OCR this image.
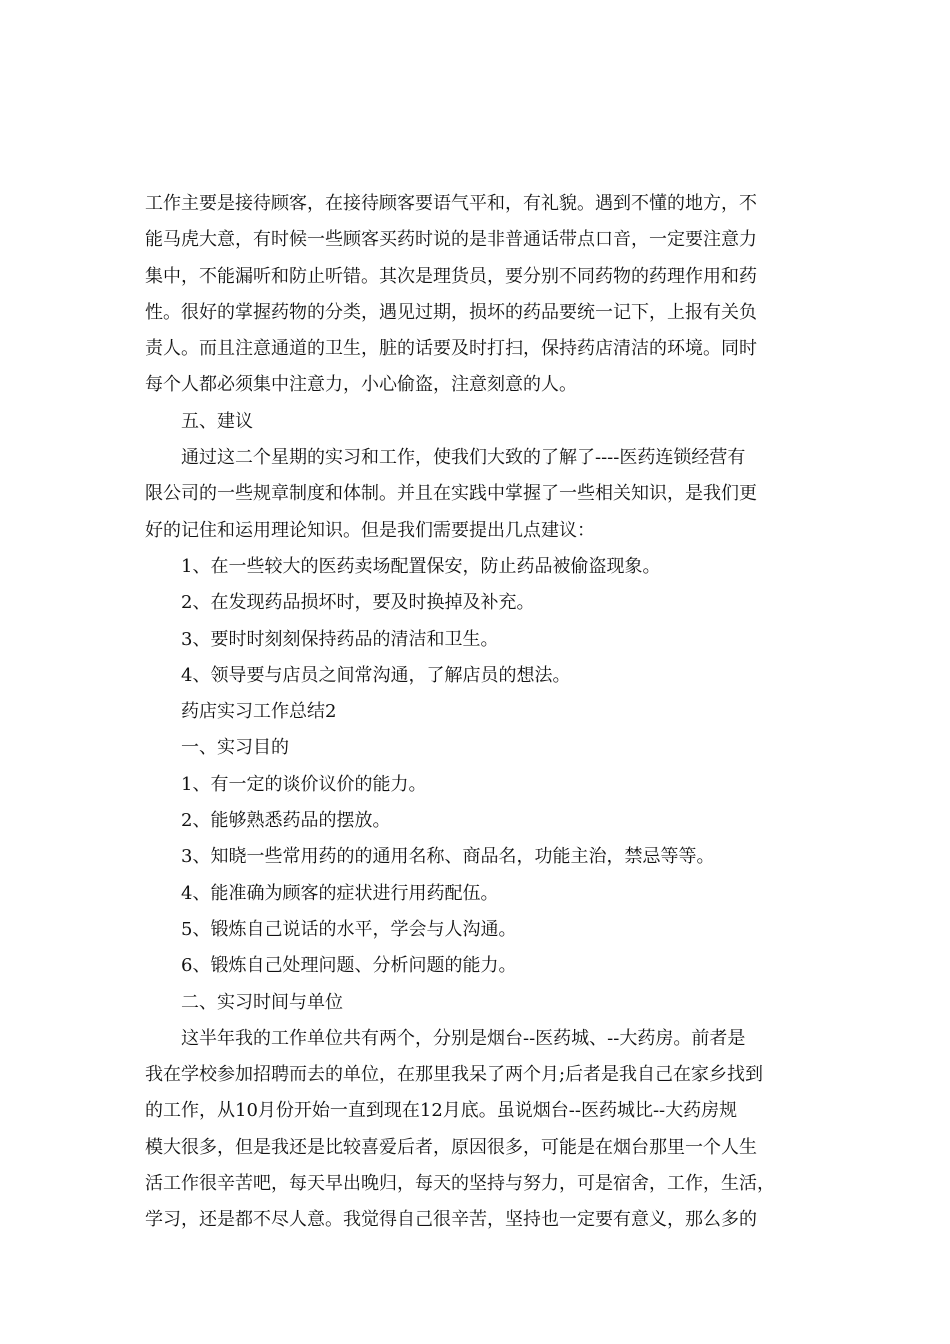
工作主要是接待顾客，在接待顾客要语气平和，有礼貌。遇到不懂的地方，不
能马虎大意，有时候一些顾客买药时说的是非普通话带点口音，一定要注意力
集中，不能漏听和防止听错。其次是理货员，要分别不同药物的药理作用和药
性。很好的掌握药物的分类，遇见过期，损坏的药品要统一记下，上报有关负
责人。而且注意通道的卫生，脏的话要及时打扫，保持药店清洁的环境。同时
每个人都必须集中注意力，小心偷盗，注意刻意的人。
五、建议
通过这二个星期的实习和工作，使我们大致的了解了----医药连锁经营有
限公司的一些规章制度和体制。并且在实践中掌握了一些相关知识，是我们更
好的记住和运用理论知识。但是我们需要提出几点建议：
1、在一些较大的医药卖场配置保安，防止药品被偷盗现象。
2、在发现药品损坏时，要及时换掉及补充。
3、要时时刻刻保持药品的清洁和卫生。
4、领导要与店员之间常沟通，了解店员的想法。
药店实习工作总结2
一、实习目的
1、有一定的谈价议价的能力。
2、能够熟悉药品的摆放。
3、知晓一些常用药的的通用名称、商品名，功能主治，禁忌等等。
4、能准确为顾客的症状进行用药配伍。
5、锻炼自己说话的水平，学会与人沟通。
6、锻炼自己处理问题、分析问题的能力。
二、实习时间与单位
这半年我的工作单位共有两个，分别是烟台--医药城、--大药房。前者是
我在学校参加招聘而去的单位，在那里我呆了两个月;后者是我自己在家乡找到
的工作，从10月份开始一直到现在12月底。虽说烟台--医药城比--大药房规
模大很多，但是我还是比较喜爱后者，原因很多，可能是在烟台那里一个人生
活工作很辛苦吧，每天早出晚归，每天的坚持与努力，可是宿舍，工作，生活，
学习，还是都不尽人意。我觉得自己很辛苦，坚持也一定要有意义，那么多的
